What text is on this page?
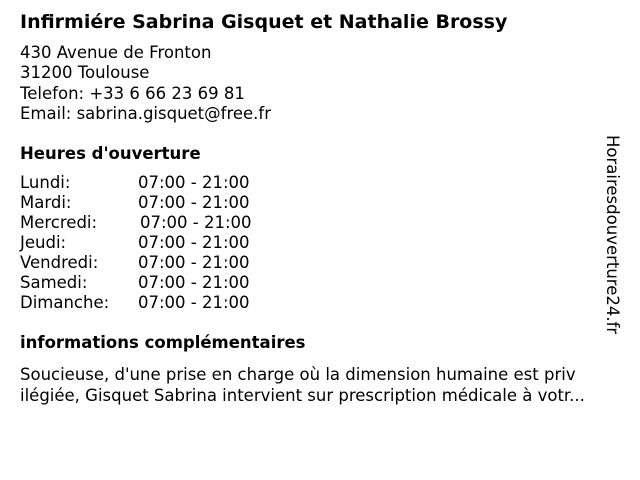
Infirmiére Sabrina Gisquet et Nathalie Brossy
430 Avenue de Fronton
31200 Toulouse
Telefon: +33 6 66 23 69 81
Email: sabrina.gisquet@free.fr
Heures d'ouverture
Lundi:	07:00 - 21:00
Mardi:	07:00 - 21:00
Mercredi:	07:00 - 21:00
Jeudi:	07:00 - 21:00
Vendredi: 07:00 - 21:00
Samedi:	07:00 - 21:00
Dimanche: 07:00 - 21:00
informations complémentaires
Soucieuse, d'une prise en charge où la dimension humaine est priv
ilégiée, Gisquet Sabrina intervient sur prescription médicale à votr...
Horairesdouverture24.fr
